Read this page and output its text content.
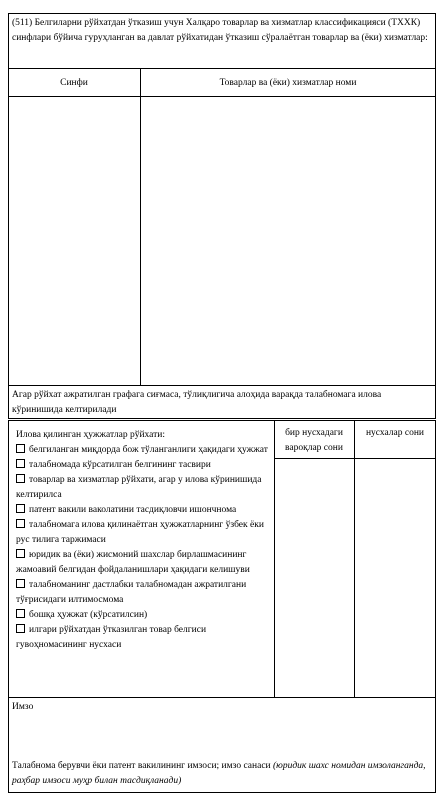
(511) Белгиларни рўйхатдан ўтказиш учун Халқаро товарлар ва хизматлар классификацияси (ТХХК) синфлари бўйича гуруҳланган ва давлат рўйхатидан ўтказиш сўралаётган товарлар ва (ёки) хизматлар:
Синфи	Товарлар ва (ёки) хизматлар номи
Агар рўйхат ажратилган графага сиғмаса, тўлиқлигича алоҳида варақда талабномага илова кўринишида келтирилади
бир нусхадаги вароқлар сони
нусхалар сони
Илова қилинган ҳужжатлар рўйхати:
белгиланган миқдорда бож тўланганлиги ҳақидаги ҳужжат
талабномада кўрсатилган белгининг тасвири
товарлар ва хизматлар рўйхати, агар у илова кўринишида келтирилса
патент вакили ваколатини тасдиқловчи ишончнома
талабномага илова қилинаётган ҳужжатларнинг ўзбек ёки рус тилига таржимаси
юридик ва (ёки) жисмоний шахслар бирлашмасининг жамоавий белгидан фойдаланишлари ҳақидаги келишуви
талабноманинг дастлабки талабномадан ажратилгани тўғрисидаги илтимосмома
бошқа ҳужжат (кўрсатилсин)
илгари рўйхатдан ўтказилган товар белгиси гувоҳномасининг нусхаси
Имзо
Талабнома берувчи ёки патент вакилининг имзоси; имзо санаси (юридик шахс номидан имзоланганда, раҳбар имзоси муҳр билан тасдиқланади)
